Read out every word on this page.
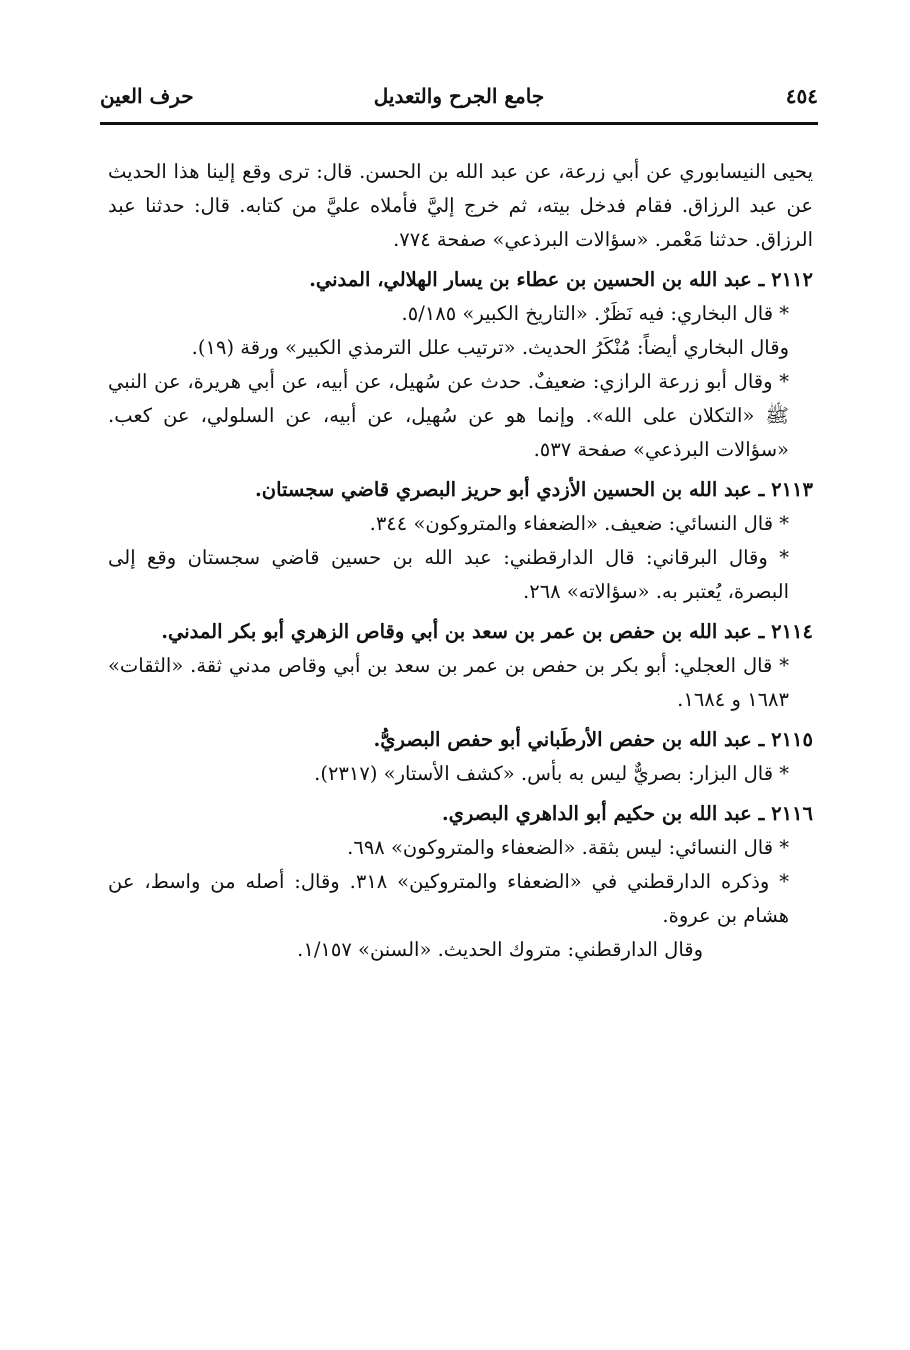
٤٥٤
جامع الجرح والتعديل
حرف العين

يحيى النيسابوري عن أبي زرعة، عن عبد الله بن الحسن. قال: ترى وقع إلينا هذا الحديث عن عبد الرزاق. فقام فدخل بيته، ثم خرج إليَّ فأملاه عليَّ من كتابه. قال: حدثنا عبد الرزاق. حدثنا مَعْمر. «سؤالات البرذعي» صفحة ٧٧٤.

٢١١٢ ـ عبد الله بن الحسين بن عطاء بن يسار الهلالي، المدني.

* قال البخاري: فيه نَظَرٌ. «التاريخ الكبير» ٥/١٨٥.

وقال البخاري أيضاً: مُنْكَرُ الحديث. «ترتيب علل الترمذي الكبير» ورقة (١٩).

* وقال أبو زرعة الرازي: ضعيفٌ. حدث عن سُهيل، عن أبيه، عن أبي هريرة، عن النبي ﷺ «التكلان على الله». وإنما هو عن سُهيل، عن أبيه، عن السلولي، عن كعب. «سؤالات البرذعي» صفحة ٥٣٧.

٢١١٣ ـ عبد الله بن الحسين الأزدي أبو حريز البصري قاضي سجستان.

* قال النسائي: ضعيف. «الضعفاء والمتروكون» ٣٤٤.

* وقال البرقاني: قال الدارقطني: عبد الله بن حسين قاضي سجستان وقع إلى البصرة، يُعتبر به. «سؤالاته» ٢٦٨.

٢١١٤ ـ عبد الله بن حفص بن عمر بن سعد بن أبي وقاص الزهري أبو بكر المدني.

* قال العجلي: أبو بكر بن حفص بن عمر بن سعد بن أبي وقاص مدني ثقة. «الثقات» ١٦٨٣ و ١٦٨٤.

٢١١٥ ـ عبد الله بن حفص الأرطَباني أبو حفص البصريُّ.

* قال البزار: بصريٌّ ليس به بأس. «كشف الأستار» (٢٣١٧).

٢١١٦ ـ عبد الله بن حكيم أبو الداهري البصري.

* قال النسائي: ليس بثقة. «الضعفاء والمتروكون» ٦٩٨.

* وذكره الدارقطني في «الضعفاء والمتروكين» ٣١٨. وقال: أصله من واسط، عن هشام بن عروة.

وقال الدارقطني: متروك الحديث. «السنن» ١/١٥٧.
